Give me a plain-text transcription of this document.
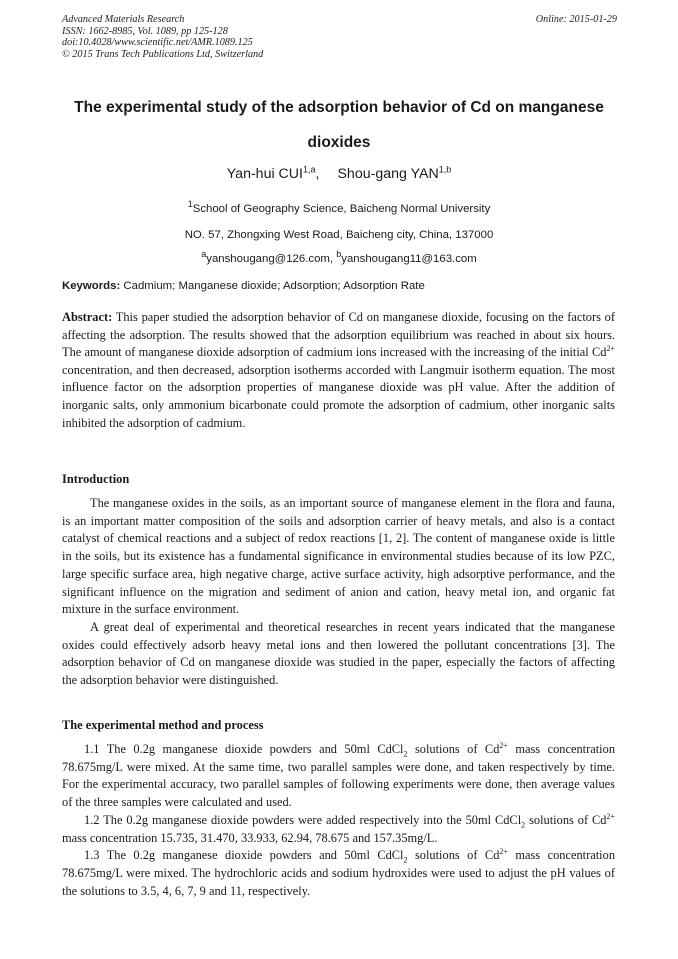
Advanced Materials Research
ISSN: 1662-8985, Vol. 1089, pp 125-128
doi:10.4028/www.scientific.net/AMR.1089.125
© 2015 Trans Tech Publications Ltd, Switzerland
Online: 2015-01-29
The experimental study of the adsorption behavior of Cd on manganese
dioxides
Yan-hui CUI$^{1,a}$, Shou-gang YAN$^{1,b}$
$^1$School of Geography Science, Baicheng Normal University
NO. 57, Zhongxing West Road, Baicheng city, China, 137000
$^a$yanshougang@126.com, $^b$yanshougang11@163.com
Keywords: Cadmium; Manganese dioxide; Adsorption; Adsorption Rate
Abstract: This paper studied the adsorption behavior of Cd on manganese dioxide, focusing on the factors of affecting the adsorption. The results showed that the adsorption equilibrium was reached in about six hours. The amount of manganese dioxide adsorption of cadmium ions increased with the increasing of the initial $Cd^{2+}$ concentration, and then decreased, adsorption isotherms accorded with Langmuir isotherm equation. The most influence factor on the adsorption properties of manganese dioxide was pH value. After the addition of inorganic salts, only ammonium bicarbonate could promote the adsorption of cadmium, other inorganic salts inhibited the adsorption of cadmium.
Introduction

The manganese oxides in the soils, as an important source of manganese element in the flora and fauna, is an important matter composition of the soils and adsorption carrier of heavy metals, and also is a contact catalyst of chemical reactions and a subject of redox reactions [1, 2]. The content of manganese oxide is little in the soils, but its existence has a fundamental significance in environmental studies because of its low PZC, large specific surface area, high negative charge, active surface activity, high adsorptive performance, and the significant influence on the migration and sediment of anion and cation, heavy metal ion, and organic fat mixture in the surface environment.

A great deal of experimental and theoretical researches in recent years indicated that the manganese oxides could effectively adsorb heavy metal ions and then lowered the pollutant concentrations [3]. The adsorption behavior of Cd on manganese dioxide was studied in the paper, especially the factors of affecting the adsorption behavior were distinguished.

The experimental method and process

1.1 The 0.2g manganese dioxide powders and 50ml CdCl$_2$ solutions of $Cd^{2+}$ mass concentration 78.675mg/L were mixed. At the same time, two parallel samples were done, and taken respectively by time. For the experimental accuracy, two parallel samples of following experiments were done, then average values of the three samples were calculated and used.

1.2 The 0.2g manganese dioxide powders were added respectively into the 50ml CdCl$_2$ solutions of $Cd^{2+}$ mass concentration 15.735, 31.470, 33.933, 62.94, 78.675 and 157.35mg/L.

1.3 The 0.2g manganese dioxide powders and 50ml CdCl$_2$ solutions of $Cd^{2+}$ mass concentration 78.675mg/L were mixed. The hydrochloric acids and sodium hydroxides were used to adjust the pH values of the solutions to 3.5, 4, 6, 7, 9 and 11, respectively.
